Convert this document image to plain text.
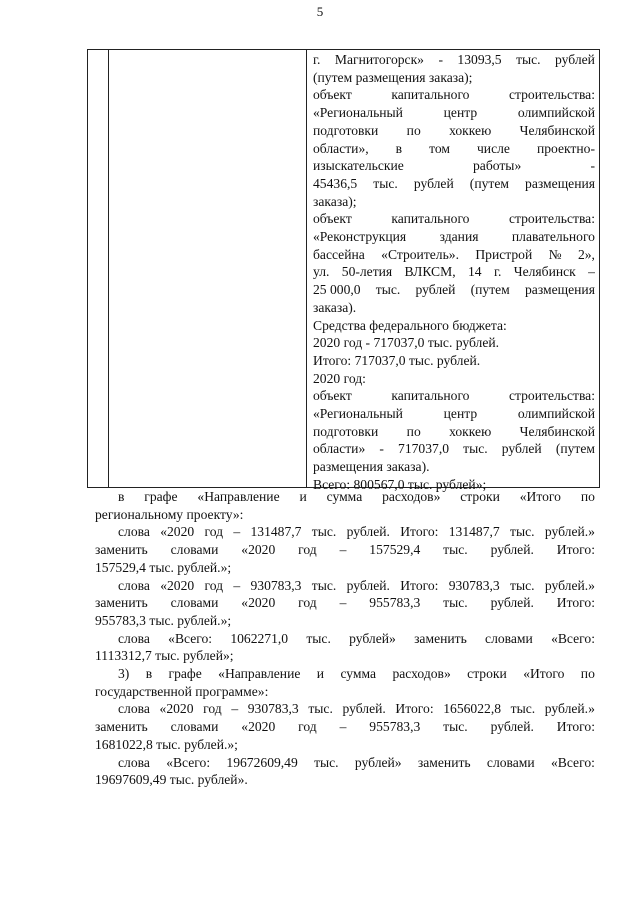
5
г. Магнитогорск» - 13093,5 тыс. рублей
(путем размещения заказа);
объект	капитального	строительства:
«Региональный	центр	олимпийской
подготовки по хоккею Челябинской
области», в том числе проектно-
изыскательские	работы»	-
45436,5 тыс. рублей (путем размещения
заказа);
объект	капитального	строительства:
«Реконструкция здания плавательного
бассейна «Строитель». Пристрой № 2»,
ул. 50-летия ВЛКСМ, 14 г. Челябинск –
25 000,0 тыс. рублей (путем размещения
заказа).
Средства федерального бюджета:
2020 год - 717037,0 тыс. рублей.
Итого: 717037,0 тыс. рублей.
2020 год:
объект	капитального	строительства:
«Региональный	центр	олимпийской
подготовки по хоккею Челябинской
области» - 717037,0 тыс. рублей (путем
размещения заказа).
Всего: 800567,0 тыс. рублей»;
в графе «Направление и сумма расходов» строки «Итого по
региональному проекту»:
слова «2020 год – 131487,7 тыс. рублей. Итого: 131487,7 тыс. рублей.»
заменить словами «2020 год – 157529,4 тыс. рублей. Итого:
157529,4 тыс. рублей.»;
слова «2020 год – 930783,3 тыс. рублей. Итого: 930783,3 тыс. рублей.»
заменить словами «2020 год – 955783,3 тыс. рублей. Итого:
955783,3 тыс. рублей.»;
слова «Всего: 1062271,0 тыс. рублей» заменить словами «Всего:
1113312,7 тыс. рублей»;
3) в графе «Направление и сумма расходов» строки «Итого по
государственной программе»:
слова «2020 год – 930783,3 тыс. рублей. Итого: 1656022,8 тыс. рублей.»
заменить словами «2020 год – 955783,3 тыс. рублей. Итого:
1681022,8 тыс. рублей.»;
слова «Всего: 19672609,49 тыс. рублей» заменить словами «Всего:
19697609,49 тыс. рублей».
